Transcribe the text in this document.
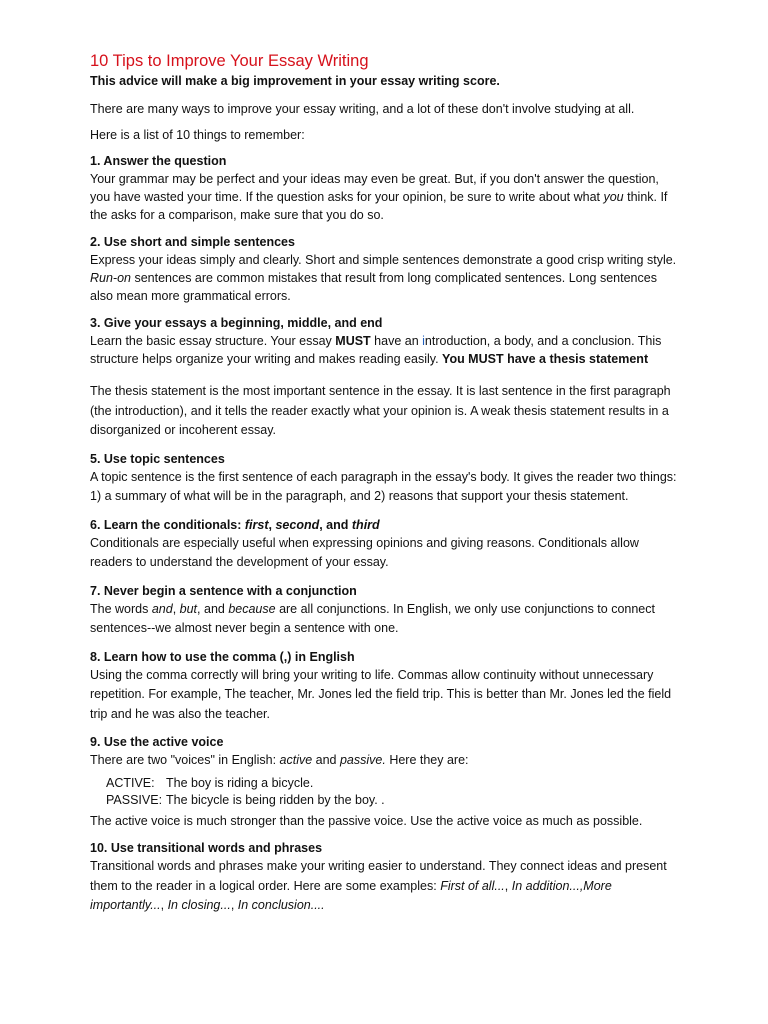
10 Tips to Improve Your Essay Writing

This advice will make a big improvement in your essay writing score.

There are many ways to improve your essay writing, and a lot of these don't involve studying at all.

Here is a list of 10 things to remember:

1. Answer the question

Your grammar may be perfect and your ideas may even be great. But, if you don't answer the question, you have wasted your time. If the question asks for your opinion, be sure to write about what you think. If the asks for a comparison, make sure that you do so.

2. Use short and simple sentences

Express your ideas simply and clearly. Short and simple sentences demonstrate a good crisp writing style. Run-on sentences are common mistakes that result from long complicated sentences. Long sentences also mean more grammatical errors.

3. Give your essays a beginning, middle, and end

Learn the basic essay structure. Your essay MUST have an introduction, a body, and a conclusion. This structure helps organize your writing and makes reading easily. You MUST have a thesis statement

The thesis statement is the most important sentence in the essay. It is last sentence in the first paragraph (the introduction), and it tells the reader exactly what your opinion is. A weak thesis statement results in a disorganized or incoherent essay.

5. Use topic sentences

A topic sentence is the first sentence of each paragraph in the essay's body. It gives the reader two things: 1) a summary of what will be in the paragraph, and 2) reasons that support your thesis statement.

6. Learn the conditionals: first, second, and third

Conditionals are especially useful when expressing opinions and giving reasons. Conditionals allow readers to understand the development of your essay.

7. Never begin a sentence with a conjunction

The words and, but, and because are all conjunctions. In English, we only use conjunctions to connect sentences--we almost never begin a sentence with one.

8. Learn how to use the comma (,) in English

Using the comma correctly will bring your writing to life. Commas allow continuity without unnecessary repetition. For example, The teacher, Mr. Jones led the field trip. This is better than Mr. Jones led the field trip and he was also the teacher.

9. Use the active voice

There are two "voices" in English: active and passive. Here they are:

ACTIVE: The boy is riding a bicycle.
PASSIVE: The bicycle is being ridden by the boy. .

The active voice is much stronger than the passive voice. Use the active voice as much as possible.

10. Use transitional words and phrases

Transitional words and phrases make your writing easier to understand. They connect ideas and present them to the reader in a logical order. Here are some examples: First of all..., In addition...,More importantly..., In closing..., In conclusion....
